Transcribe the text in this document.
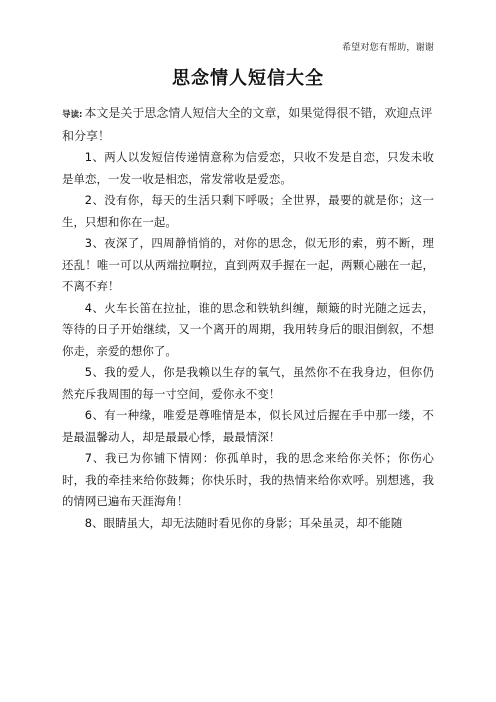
希望对您有帮助，谢谢
思念情人短信大全

导读: 本文是关于思念情人短信大全的文章，如果觉得很不错，欢迎点评和分享！

1、两人以发短信传递情意称为信爱恋，只收不发是自恋，只发未收是单恋，一发一收是相恋，常发常收是爱恋。

2、没有你，每天的生活只剩下呼吸；全世界，最要的就是你；这一生，只想和你在一起。

3、夜深了，四周静悄悄的，对你的思念，似无形的索，剪不断，理还乱！唯一可以从两端拉啊拉，直到两双手握在一起，两颗心融在一起，不离不弃！

4、火车长笛在拉扯，谁的思念和铁轨纠缠，颠簸的时光随之远去，等待的日子开始继续，又一个离开的周期，我用转身后的眼泪倒叙，不想你走，亲爱的想你了。

5、我的爱人，你是我赖以生存的氧气，虽然你不在我身边，但你仍然充斥我周围的每一寸空间，爱你永不变！

6、有一种缘，唯爱是尊唯情是本，似长风过后握在手中那一缕，不是最温馨动人，却是最最心悸，最最情深！

7、我已为你铺下情网：你孤单时，我的思念来给你关怀；你伤心时，我的牵挂来给你鼓舞；你快乐时，我的热情来给你欢呼。别想逃，我的情网已遍布天涯海角！

8、眼睛虽大，却无法随时看见你的身影；耳朵虽灵，却不能随
